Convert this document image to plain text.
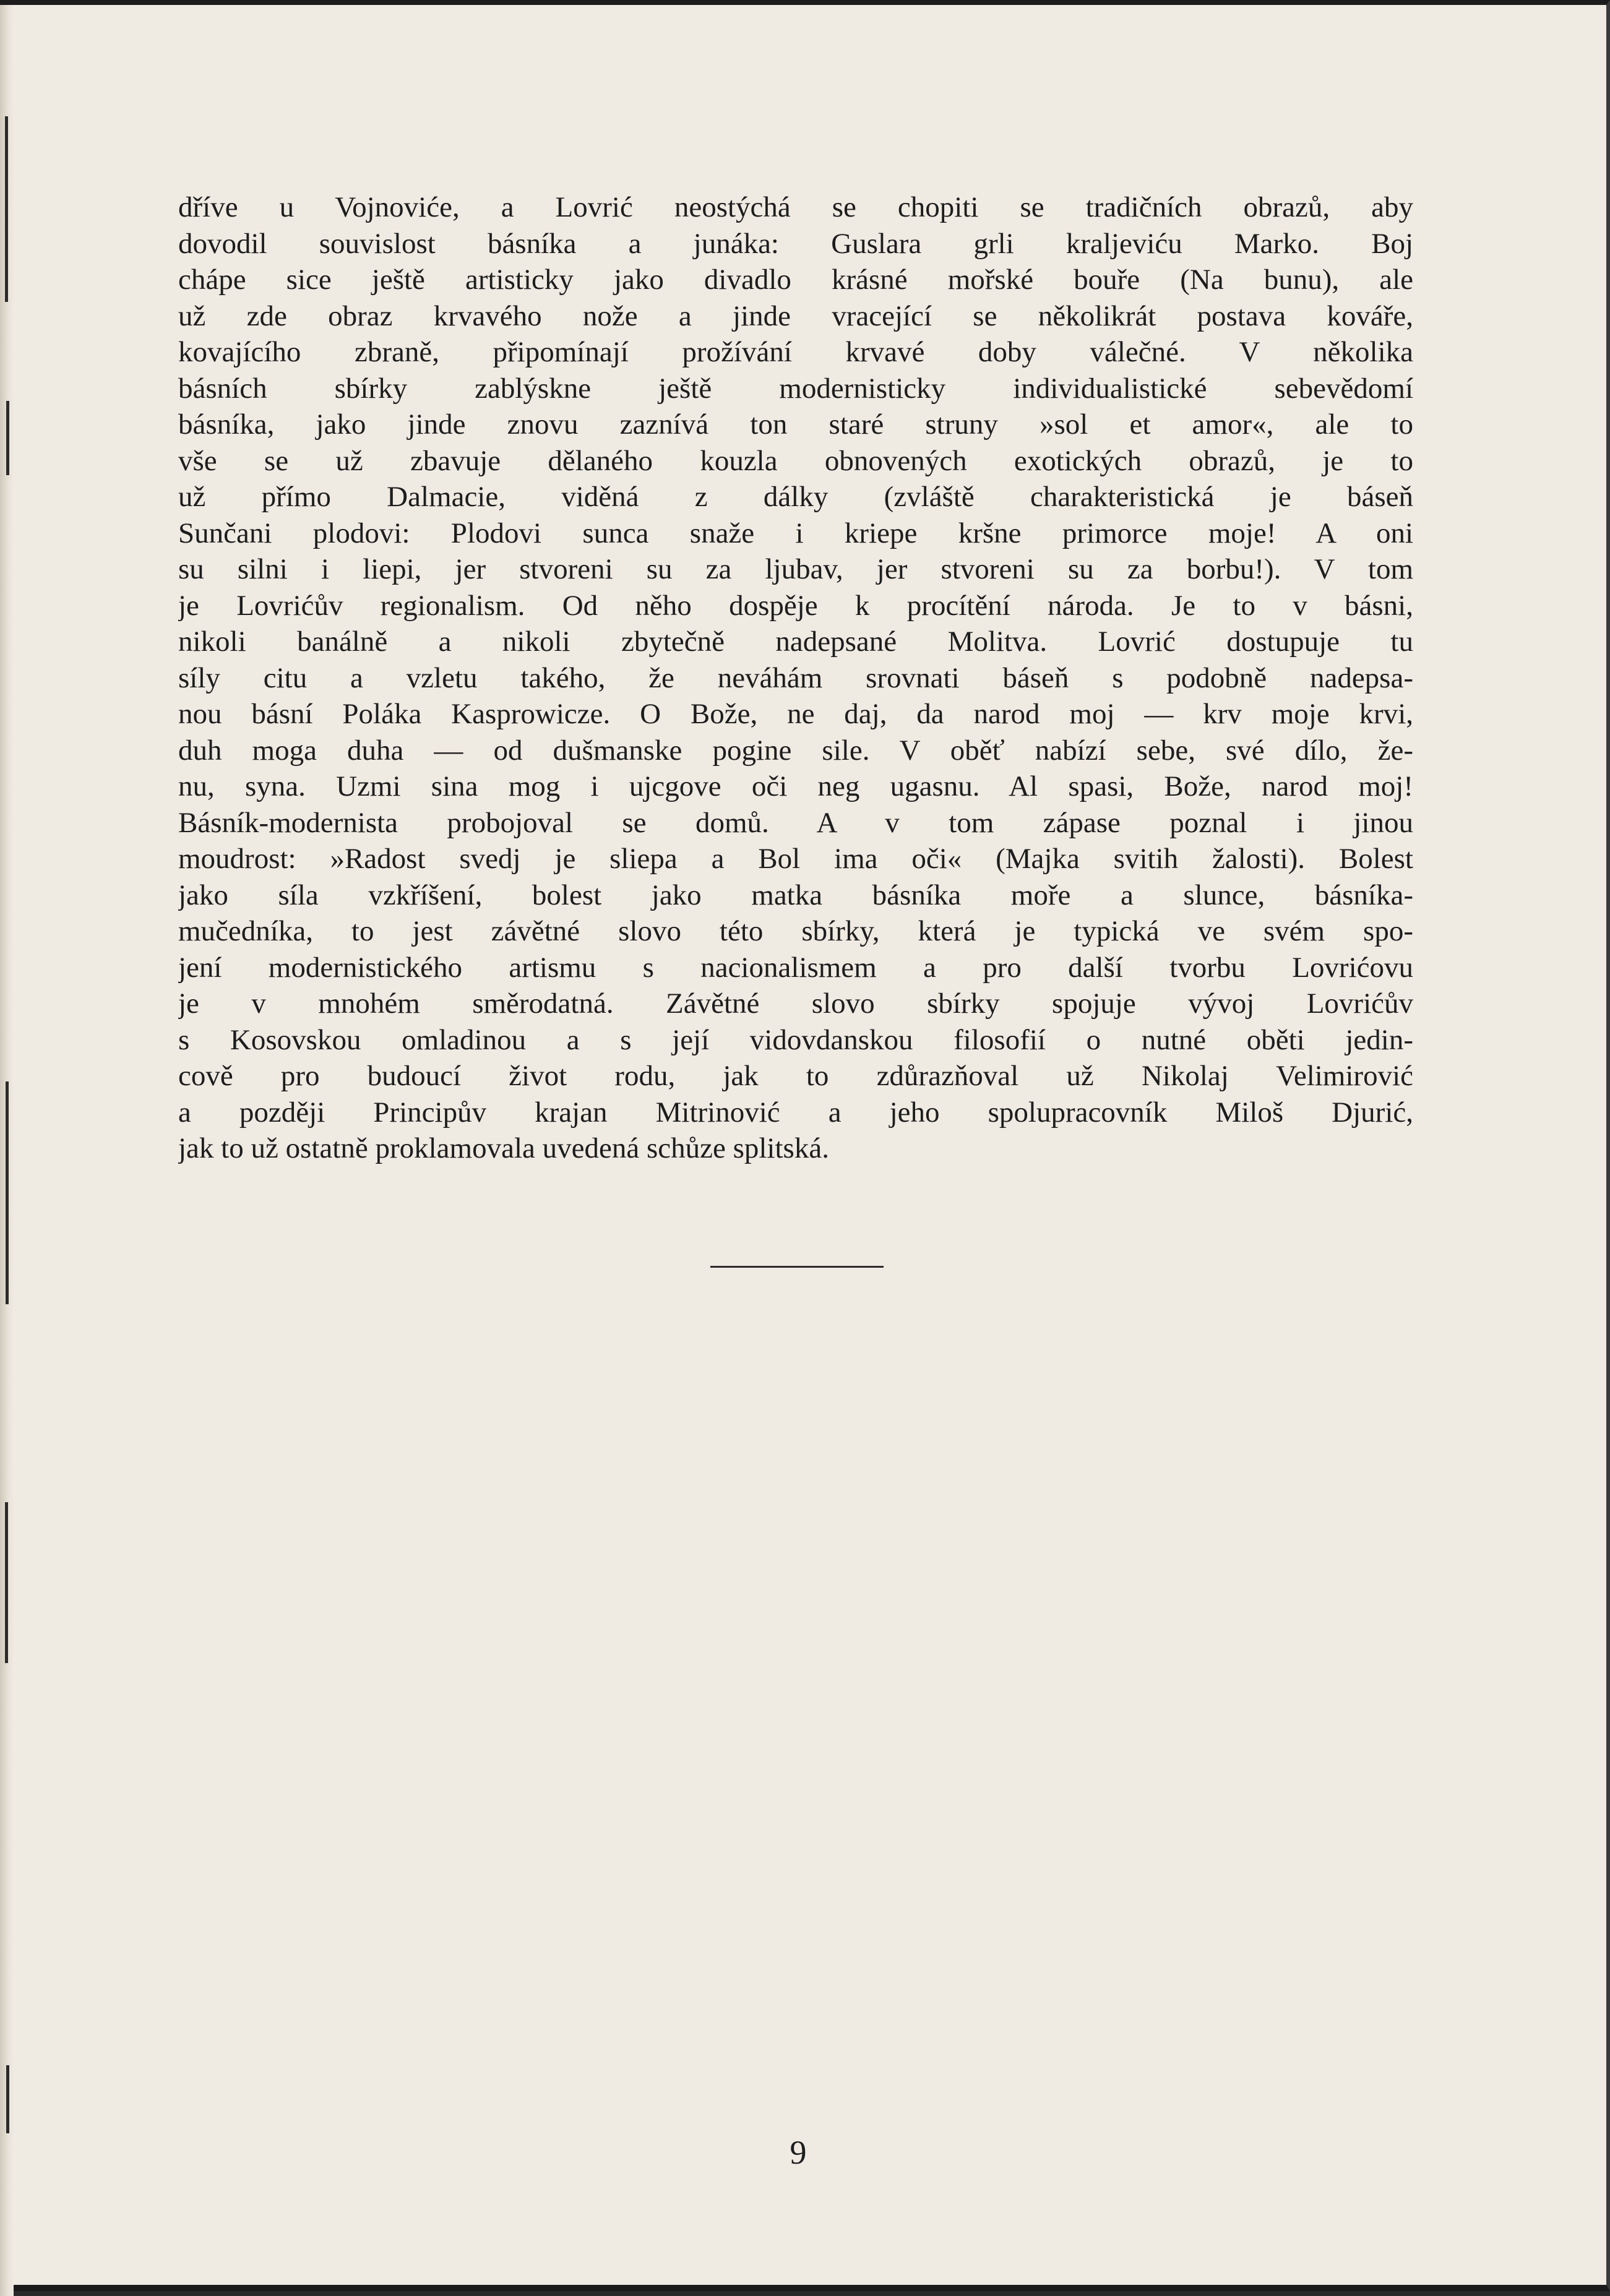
dříve u Vojnoviće, a Lovrić neostýchá se chopiti se tradičních obrazů, aby
dovodil souvislost básníka a junáka: Guslara grli kraljeviću Marko. Boj
chápe sice ještě artisticky jako divadlo krásné mořské bouře (Na bunu), ale
už zde obraz krvavého nože a jinde vracející se několikrát postava kováře,
kovajícího zbraně, připomínají prožívání krvavé doby válečné. V několika
básních sbírky zablýskne ještě modernisticky individualistické sebevědomí
básníka, jako jinde znovu zaznívá ton staré struny »sol et amor«, ale to
vše se už zbavuje dělaného kouzla obnovených exotických obrazů, je to
už přímo Dalmacie, viděná z dálky (zvláště charakteristická je báseň
Sunčani plodovi: Plodovi sunca snaže i kriepe kršne primorce moje! A oni
su silni i liepi, jer stvoreni su za ljubav, jer stvoreni su za borbu!). V tom
je Lovrićův regionalism. Od něho dospěje k procítění národa. Je to v básni,
nikoli banálně a nikoli zbytečně nadepsané Molitva. Lovrić dostupuje tu
síly citu a vzletu takého, že neváhám srovnati báseň s podobně nadepsa-
nou básní Poláka Kasprowicze. O Bože, ne daj, da narod moj — krv moje krvi,
duh moga duha — od dušmanske pogine sile. V oběť nabízí sebe, své dílo, že-
nu, syna. Uzmi sina mog i ujcgove oči neg ugasnu. Al spasi, Bože, narod moj!
Básník-modernista probojoval se domů. A v tom zápase poznal i jinou
moudrost: »Radost svedj je sliepa a Bol ima oči« (Majka svitih žalosti). Bolest
jako síla vzkříšení, bolest jako matka básníka moře a slunce, básníka-
mučedníka, to jest závětné slovo této sbírky, která je typická ve svém spo-
jení modernistického artismu s nacionalismem a pro další tvorbu Lovrićovu
je v mnohém směrodatná. Závětné slovo sbírky spojuje vývoj Lovrićův
s Kosovskou omladinou a s její vidovdanskou filosofií o nutné oběti jedin-
cově pro budoucí život rodu, jak to zdůrazňoval už Nikolaj Velimirović
a později Principův krajan Mitrinović a jeho spolupracovník Miloš Djurić,
jak to už ostatně proklamovala uvedená schůze splitská.
9
